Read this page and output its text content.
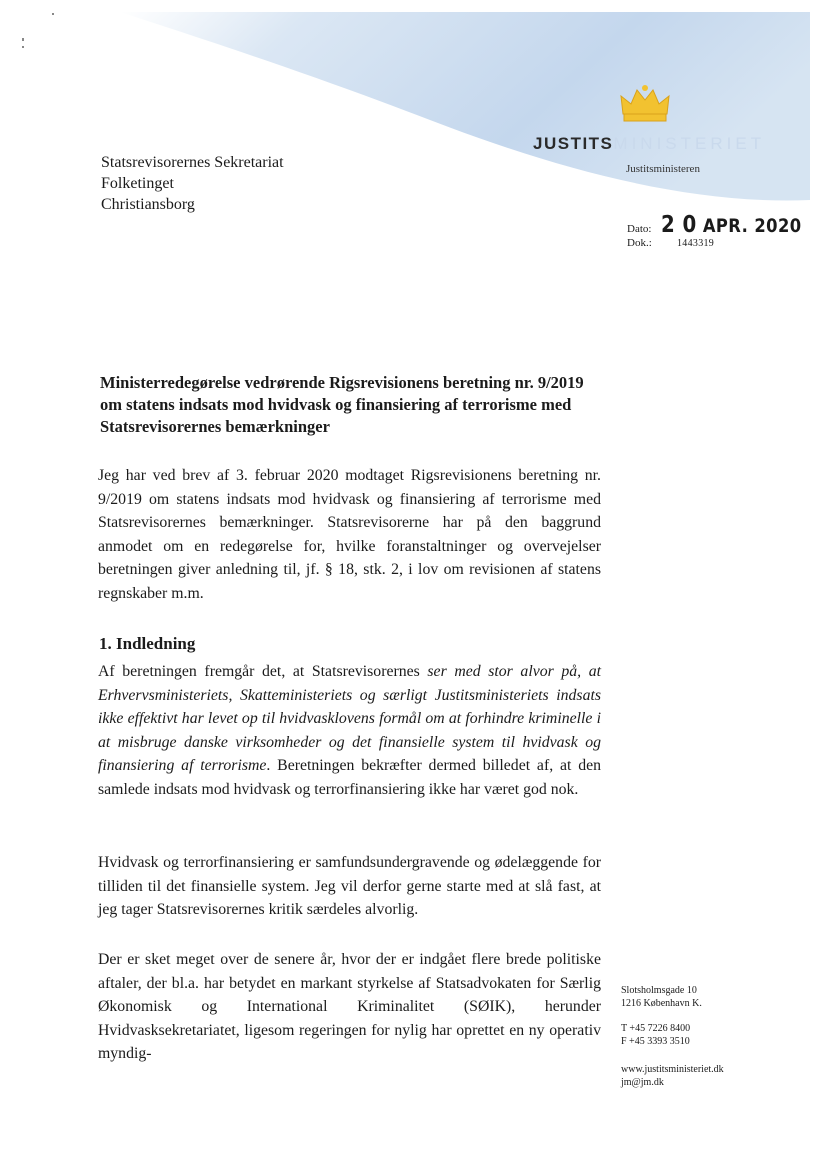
JUSTITSMINISTERIET
Justitsministeren
Statsrevisorernes Sekretariat
Folketinget
Christiansborg
Dato: 2 0 APR. 2020
Dok.:	1443319
Ministerredegørelse vedrørende Rigsrevisionens beretning nr. 9/2019 om statens indsats mod hvidvask og finansiering af terrorisme med Statsrevisorernes bemærkninger
Jeg har ved brev af 3. februar 2020 modtaget Rigsrevisionens beretning nr. 9/2019 om statens indsats mod hvidvask og finansiering af terrorisme med Statsrevisorernes bemærkninger. Statsrevisorerne har på den baggrund anmodet om en redegørelse for, hvilke foranstaltninger og overvejelser beretningen giver anledning til, jf. § 18, stk. 2, i lov om revisionen af statens regnskaber m.m.
1. Indledning
Af beretningen fremgår det, at Statsrevisorernes ser med stor alvor på, at Erhvervsministeriets, Skatteministeriets og særligt Justitsministeriets indsats ikke effektivt har levet op til hvidvasklovens formål om at forhindre kriminelle i at misbruge danske virksomheder og det finansielle system til hvidvask og finansiering af terrorisme. Beretningen bekræfter dermed billedet af, at den samlede indsats mod hvidvask og terrorfinansiering ikke har været god nok.
Hvidvask og terrorfinansiering er samfundsundergravende og ødelæggende for tilliden til det finansielle system. Jeg vil derfor gerne starte med at slå fast, at jeg tager Statsrevisorernes kritik særdeles alvorlig.
Der er sket meget over de senere år, hvor der er indgået flere brede politiske aftaler, der bl.a. har betydet en markant styrkelse af Statsadvokaten for Særlig Økonomisk og International Kriminalitet (SØIK), herunder Hvidvasksekretariatet, ligesom regeringen for nylig har oprettet en ny operativ myndig-
Slotsholmsgade 10
1216 København K.
T +45 7226 8400
F +45 3393 3510
www.justitsministeriet.dk
jm@jm.dk
